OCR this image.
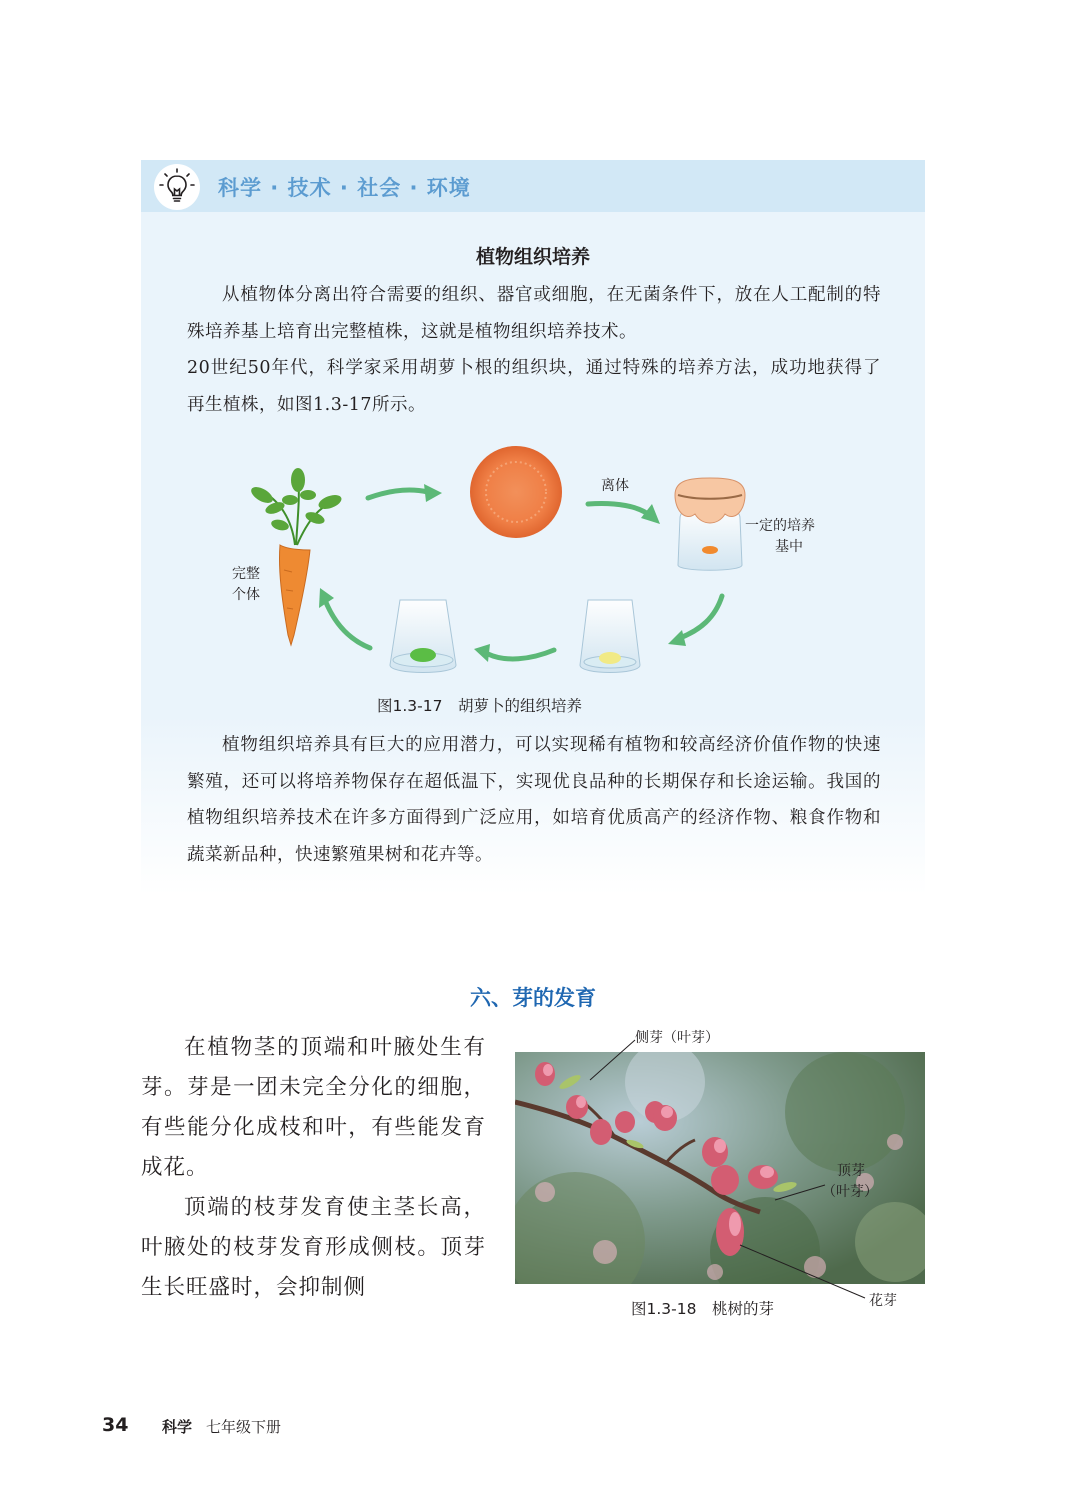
科学 · 技术 · 社会 · 环境
植物组织培养

从植物体分离出符合需要的组织、器官或细胞，在无菌条件下，放在人工配制的特殊培养基上培育出完整植株，这就是植物组织培养技术。

20世纪50年代，科学家采用胡萝卜根的组织块，通过特殊的培养方法，成功地获得了再生植株，如图1.3-17所示。

离体
一定的培养
基中
完整
个体
图1.3-17　胡萝卜的组织培养

植物组织培养具有巨大的应用潜力，可以实现稀有植物和较高经济价值作物的快速繁殖，还可以将培养物保存在超低温下，实现优良品种的长期保存和长途运输。我国的植物组织培养技术在许多方面得到广泛应用，如培育优质高产的经济作物、粮食作物和蔬菜新品种，快速繁殖果树和花卉等。

六、芽的发育

在植物茎的顶端和叶腋处生有芽。芽是一团未完全分化的细胞，有些能分化成枝和叶，有些能发育成花。

顶端的枝芽发育使主茎长高，叶腋处的枝芽发育形成侧枝。顶芽生长旺盛时，会抑制侧

侧芽（叶芽）
顶芽
（叶芽）
花芽
图1.3-18　桃树的芽
34 科学 七年级下册
